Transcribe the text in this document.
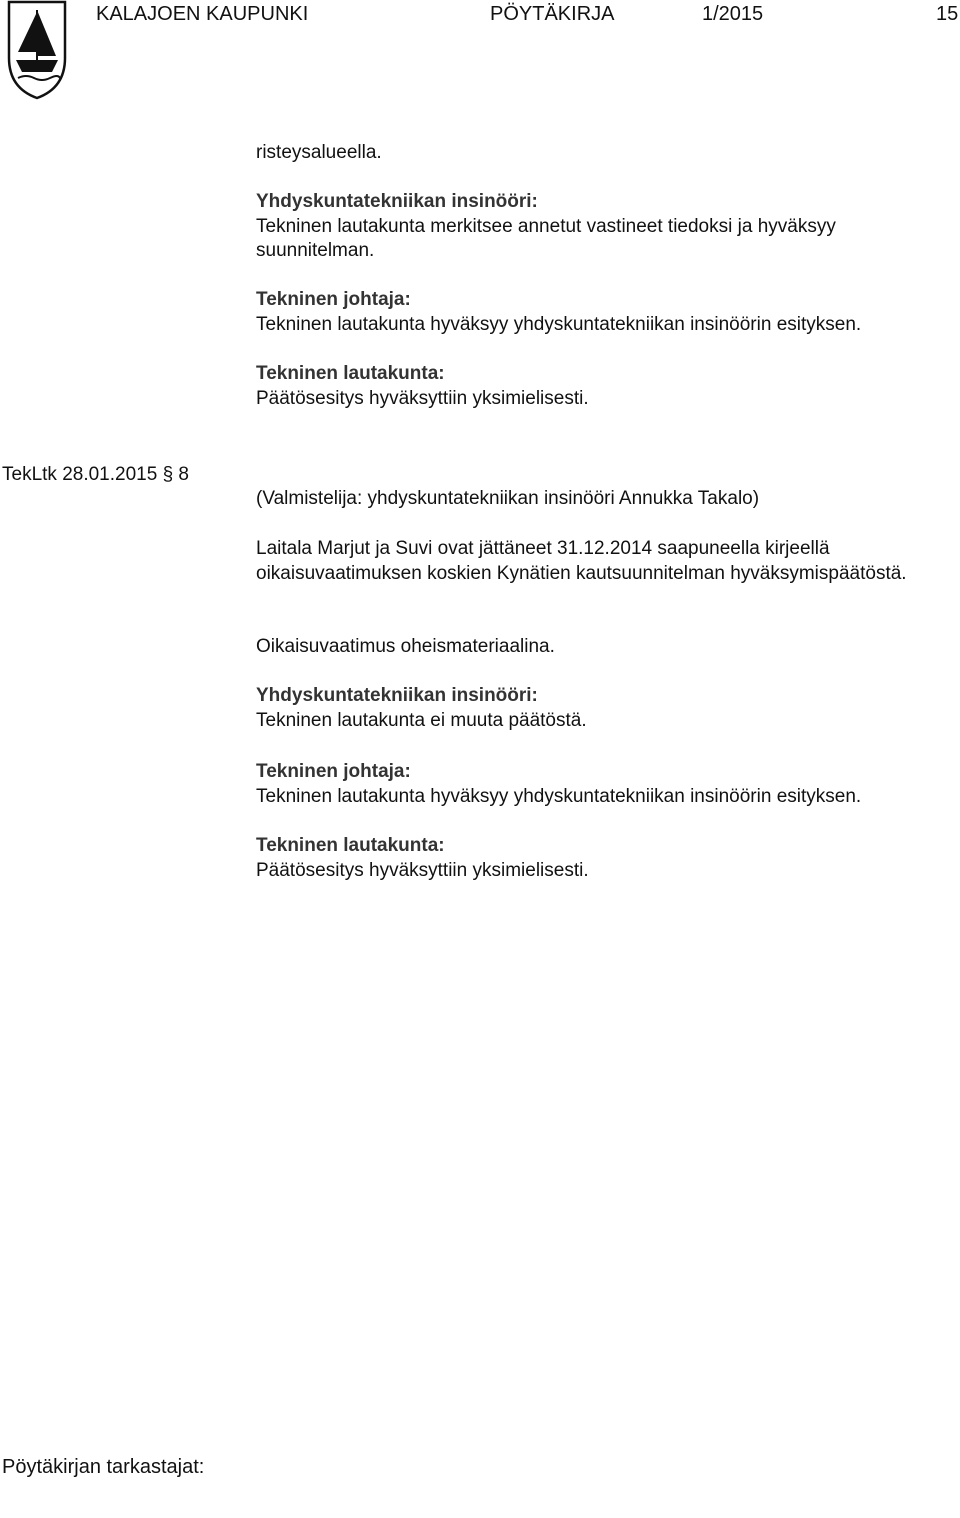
KALAJOEN KAUPUNKI	PÖYTÄKIRJA	1/2015	15

risteysalueella.

Yhdyskuntatekniikan insinööri:

Tekninen lautakunta merkitsee annetut vastineet tiedoksi ja hyväksyy suunnitelman.

Tekninen johtaja:

Tekninen lautakunta hyväksyy yhdyskuntatekniikan insinöörin esityksen.

Tekninen lautakunta:

Päätösesitys hyväksyttiin yksimielisesti.

TekLtk 28.01.2015 § 8

(Valmistelija: yhdyskuntatekniikan insinööri Annukka Takalo)

Laitala Marjut ja Suvi ovat jättäneet 31.12.2014 saapuneella kirjeellä oikaisuvaatimuksen koskien Kynätien kautsuunnitelman hyväksymispäätöstä.

Oikaisuvaatimus oheismateriaalina.

Yhdyskuntatekniikan insinööri:

Tekninen lautakunta ei muuta päätöstä.

Tekninen johtaja:

Tekninen lautakunta hyväksyy yhdyskuntatekniikan insinöörin esityksen.

Tekninen lautakunta:

Päätösesitys hyväksyttiin yksimielisesti.

Pöytäkirjan tarkastajat:
